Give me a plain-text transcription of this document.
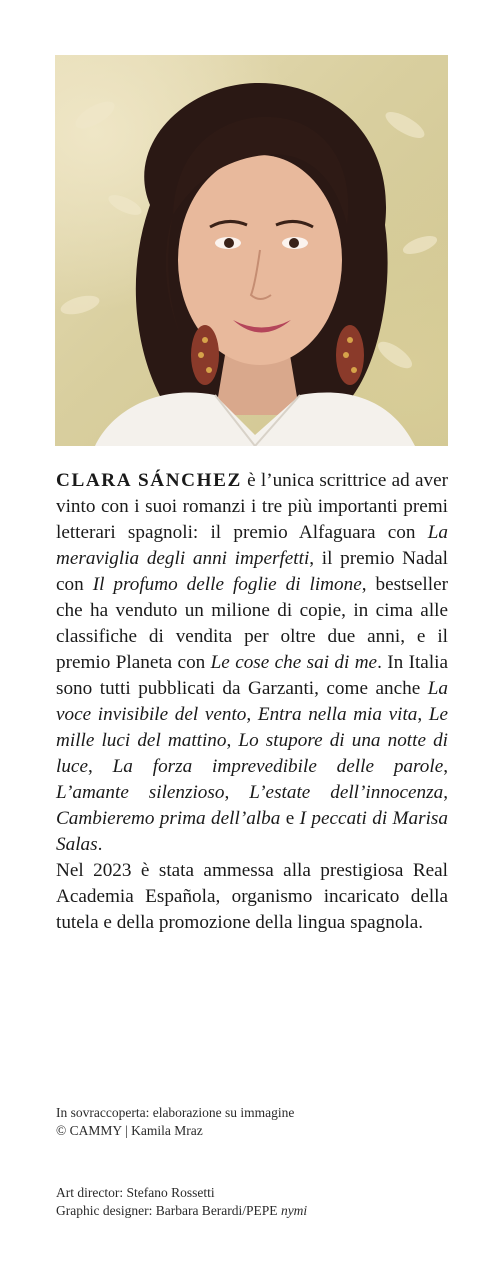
CLARA SÁNCHEZ è l’unica scrittrice ad aver vinto con i suoi romanzi i tre più importanti premi letterari spagnoli: il premio Alfaguara con La meraviglia degli anni imperfetti, il premio Nadal con Il profumo delle foglie di limone, bestseller che ha venduto un milione di copie, in cima alle classifiche di vendita per oltre due anni, e il premio Planeta con Le cose che sai di me. In Italia sono tutti pubblicati da Garzanti, come anche La voce invisibile del vento, Entra nella mia vita, Le mille luci del mattino, Lo stupore di una notte di luce, La forza imprevedibile delle parole, L’amante silenzioso, L’estate dell’innocenza, Cambieremo prima dell’alba e I peccati di Marisa Salas.

Nel 2023 è stata ammessa alla prestigiosa Real Academia Española, organismo incaricato della tutela e della promozione della lingua spagnola.

In sovraccoperta: elaborazione su immagine
© CAMMY | Kamila Mraz
Art director: Stefano Rossetti
Graphic designer: Barbara Berardi/PEPE nymi
